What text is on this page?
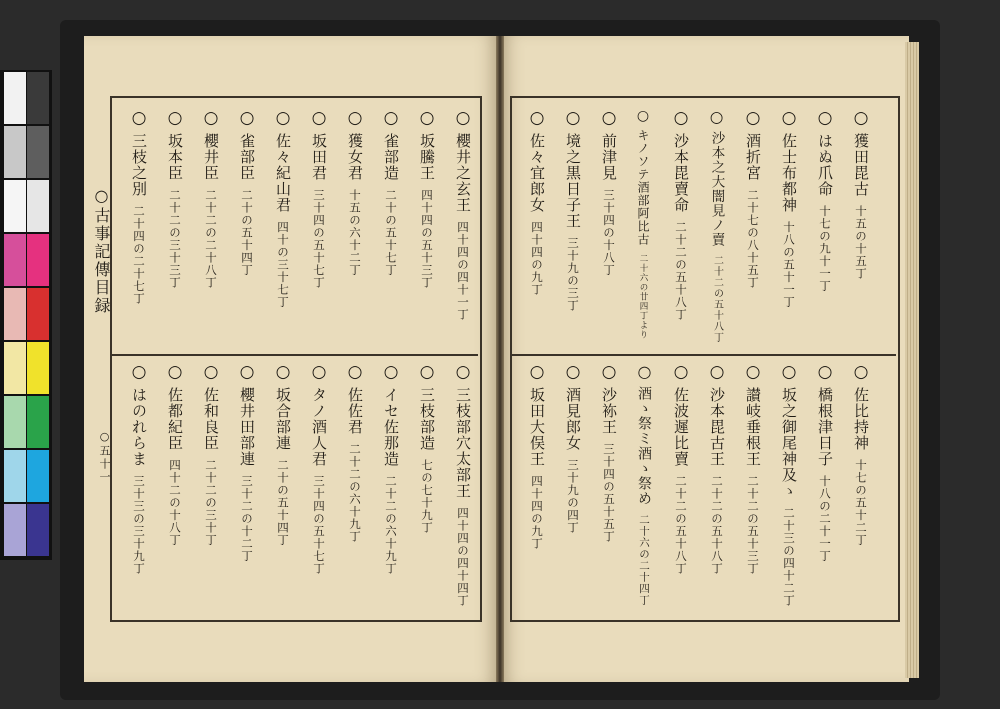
○古事記傳目録
○五十一
○獲田毘古十五の十五丁
○はぬ爪命十七の九十一丁
○佐士布都神十八の五十一丁
○酒折宮二十七の八十五丁
○沙本之大闇見ノ賣二十二の五十八丁
○沙本毘賣命二十二の五十八丁
○キノソテ酒部阿比古二十六の廿四丁より
○前津見三十四の十八丁
○境之黒日子王三十九の三丁
○佐々宜郎女四十四の九丁
○佐比持神十七の五十二丁
○橋根津日子十八の二十一丁
○坂之御尾神及ゝ二十三の四十二丁
○讃岐垂根王二十二の五十三丁
○沙本毘古王二十二の五十八丁
○佐波遲比賣二十二の五十八丁
○酒ゝ祭ミ酒ゝ祭め二十六の二十四丁
○沙袮王三十四の五十五丁
○酒見郎女三十九の四丁
○坂田大俣王四十四の九丁
○櫻井之玄王四十四の四十一丁
○坂騰王四十四の五十三丁
○雀部造二十の五十七丁
○獲女君十五の六十二丁
○坂田君三十四の五十七丁
○佐々紀山君四十の三十七丁
○雀部臣二十の五十四丁
○櫻井臣二十二の二十八丁
○坂本臣二十二の三十三丁
○三枝之別二十四の二十七丁
○三枝部穴太部王四十四の四十四丁
○三枝部造七の七十九丁
○イセ佐那造二十二の六十九丁
○佐佐君二十二の六十九丁
○タノ酒人君三十四の五十七丁
○坂合部連二十の五十四丁
○櫻井田部連三十二の十二丁
○佐和良臣二十二の三十丁
○佐都紀臣四十二の十八丁
○はのれらま三十三の三十九丁
